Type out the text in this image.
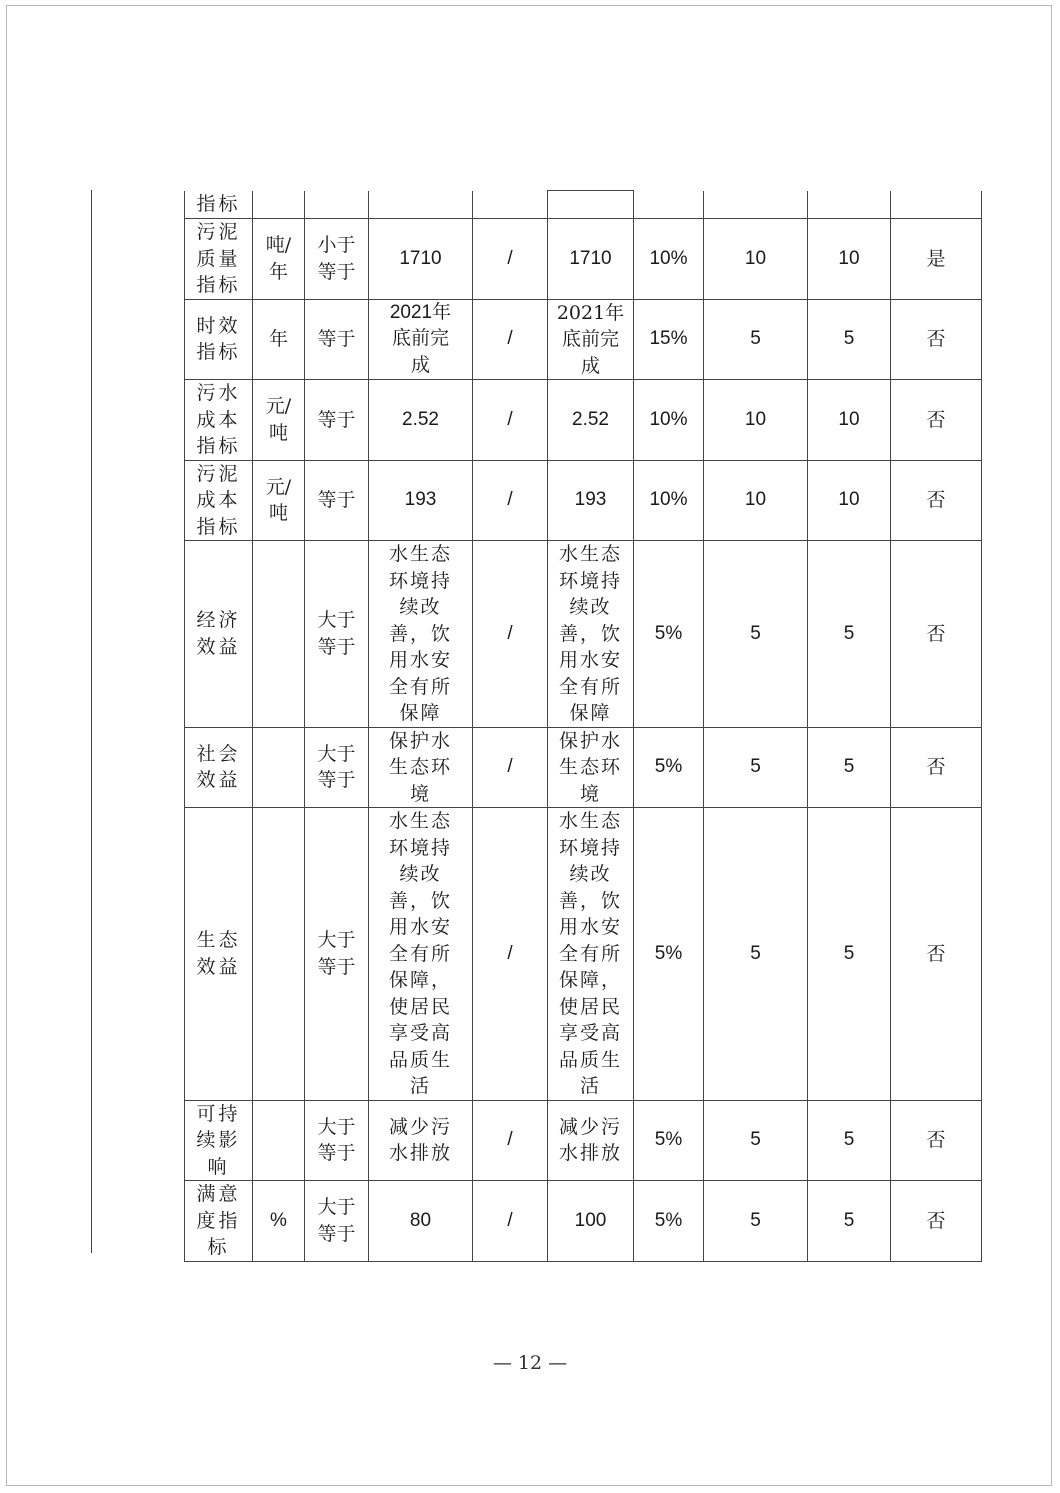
指标									
污泥质量指标	吨/年	小于等于	1710	/	1710	10%	10	10	是
时效指标	年	等于	2021年底前完成	/	2021年底前完成	15%	5	5	否
污水成本指标	元/吨	等于	2.52	/	2.52	10%	10	10	否
污泥成本指标	元/吨	等于	193	/	193	10%	10	10	否
经济效益		大于等于	水生态环境持续改善，饮用水安全有所保障	/	水生态环境持续改善，饮用水安全有所保障	5%	5	5	否
社会效益		大于等于	保护水生态环境	/	保护水生态环境	5%	5	5	否
生态效益		大于等于	水生态环境持续改善，饮用水安全有所保障，使居民享受高品质生活	/	水生态环境持续改善，饮用水安全有所保障，使居民享受高品质生活	5%	5	5	否
可持续影响		大于等于	减少污水排放	/	减少污水排放	5%	5	5	否
满意度指标	%	大于等于	80	/	100	5%	5	5	否
— 12 —
